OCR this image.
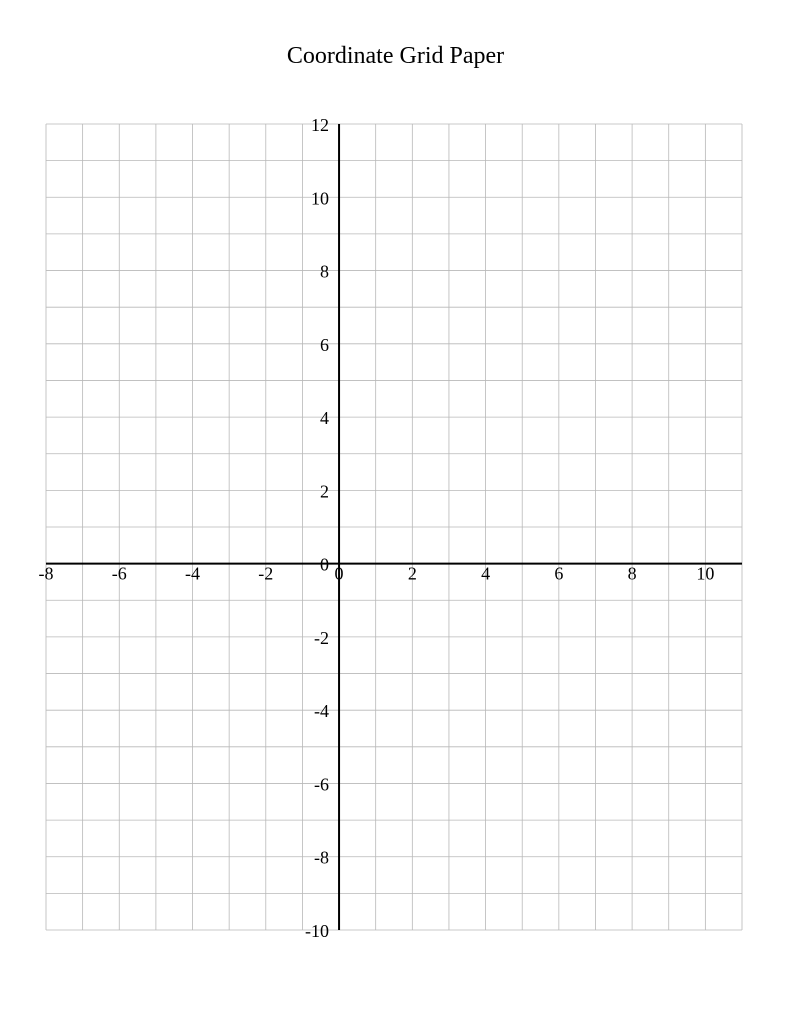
Coordinate Grid Paper
-8	-6	-4	-2	0	2	4	6	8	10
12
10
8
6
4
2
0
-2
-4
-6
-8
-10
